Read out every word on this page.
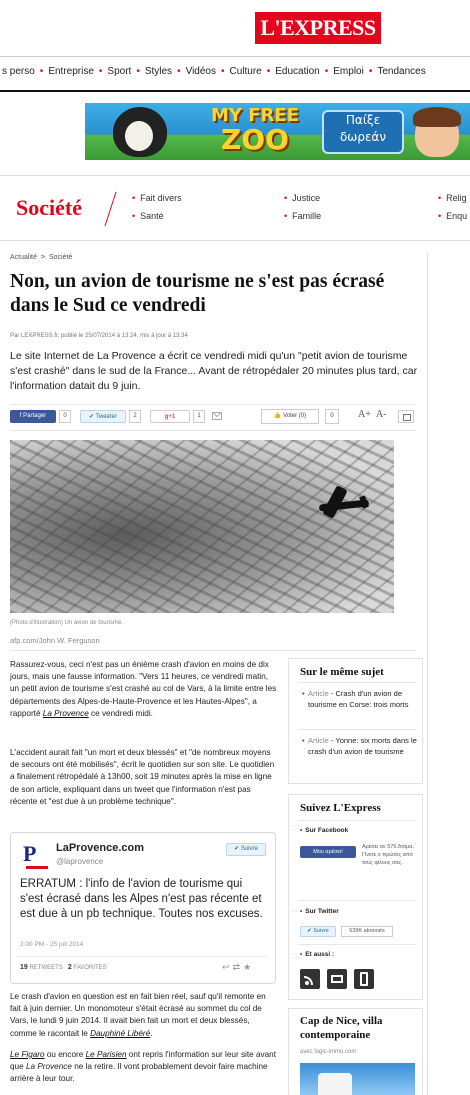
L'EXPRESS
s perso • Entreprise • Sport • Styles • Vidéos • Culture • Education • Emploi • Tendances
MY FREE
ZOO
Παίξε δωρεάν
Société	• Fait divers
• Santé
• Justice
• Famille
• Relig
• Enqu
Actualité > Société
Non, un avion de tourisme ne s'est pas écrasé dans le Sud ce vendredi
Par LEXPRESS.fr, publié le 25/07/2014 à 13:24, mis à jour à 13:34
Le site Internet de La Provence a écrit ce vendredi midi qu'un "petit avion de tourisme s'est crashé" dans le sud de la France... Avant de rétropédaler 20 minutes plus tard, car l'information datait du 9 juin.
f Partager	0	✔ Tweeter	2	g+1	1	👍 Voter (0)	0	A+ A-
(Photo d'illustration) Un avion de tourisme.
afp.com/John W. Ferguson

Rassurez-vous, ceci n'est pas un énième crash d'avion en moins de dix jours, mais une fausse information. "Vers 11 heures, ce vendredi matin, un petit avion de tourisme s'est crashé au col de Vars, à la limite entre les départements des Alpes-de-Haute-Provence et les Hautes-Alpes", a rapporté La Provence ce vendredi midi.

L'accident aurait fait "un mort et deux blessés" et "de nombreux moyens de secours ont été mobilisés", écrit le quotidien sur son site. Le quotidien a finalement rétropédalé à 13h00, soit 19 minutes après la mise en ligne de son article, expliquant dans un tweet que l'information n'est pas récente et "est due à un problème technique".

P	LaProvence.com
@laprovence
✔ Suivre
ERRATUM : l'info de l'avion de tourisme qui s'est écrasé dans les Alpes n'est pas récente et est due à un pb technique. Toutes nos excuses.
2:00 PM - 25 juil 2014
19 RETWEETS 2 FAVORITES	↩⇄★

Le crash d'avion en question est en fait bien réel, sauf qu'il remonte en fait à juin dernier. Un monomoteur s'était écrasé au sommet du col de Vars, le lundi 9 juin 2014. Il avait bien fait un mort et deux blessés, comme le racontait le Dauphiné Libéré.

Le Figaro ou encore Le Parisien ont repris l'information sur leur site avant que La Provence ne la retire. Il vont probablement devoir faire machine arrière à leur tour.

Sur le même sujet
• Article - Crash d'un avion de tourisme en Corse: trois morts
• Article - Yonne: six morts dans le crash d'un avion de tourisme
Suivez L'Express
• Sur Facebook
Μου αρέσει!
Αρέσει σε 576.δτομα. Γίνετε ο πρώτος από τους φίλους σας.
• Sur Twitter
✔ Suivre	539K abonnés
• Et aussi :
Cap de Nice, villa contemporaine
avec logic-immo.com
